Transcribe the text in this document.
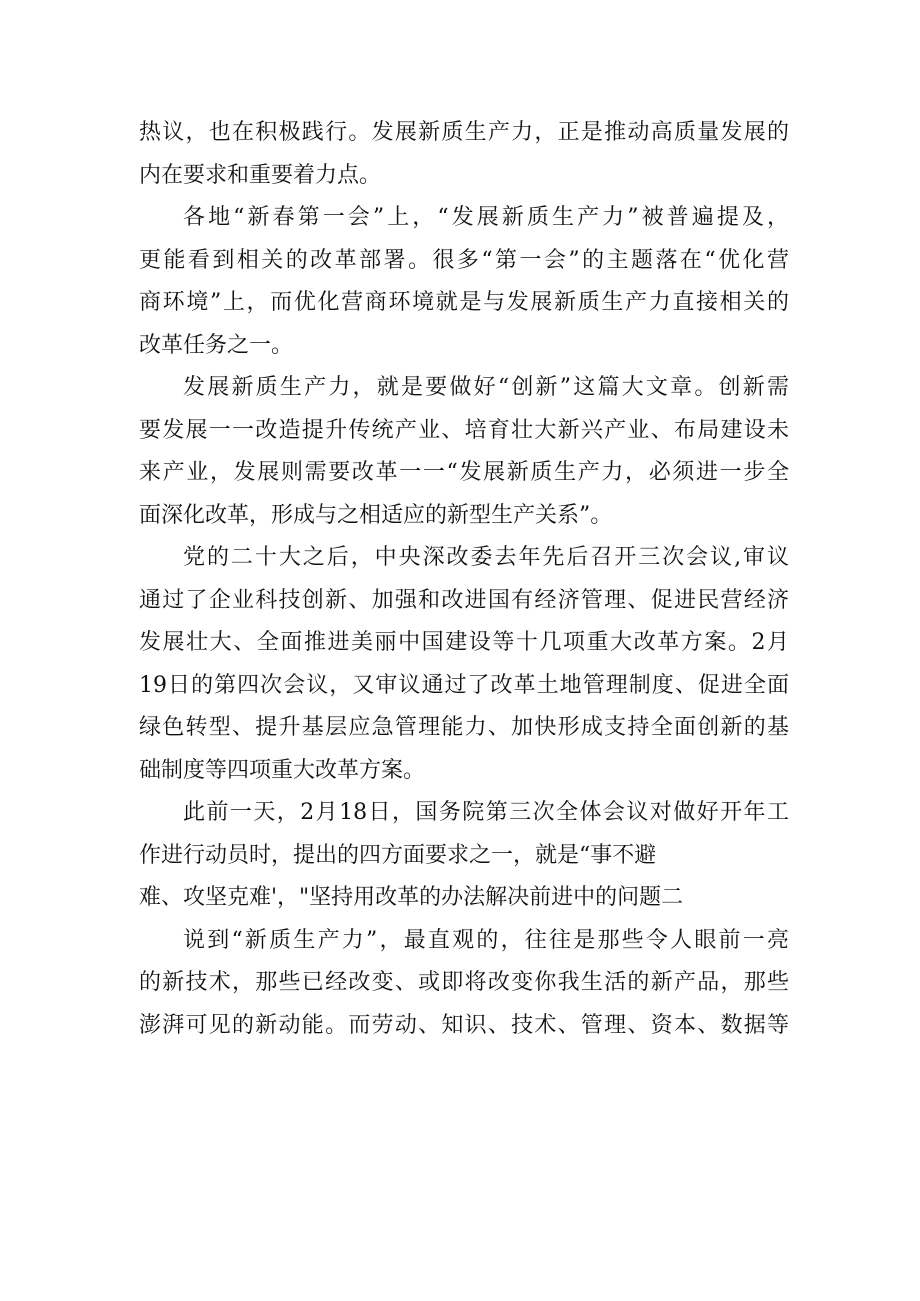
热议，也在积极践行。发展新质生产力，正是推动高质量发展的
内在要求和重要着力点。
各地“新春第一会”上，“发展新质生产力”被普遍提及，
更能看到相关的改革部署。很多“第一会”的主题落在“优化营
商环境”上，而优化营商环境就是与发展新质生产力直接相关的
改革任务之一。
发展新质生产力，就是要做好“创新”这篇大文章。创新需
要发展一一改造提升传统产业、培育壮大新兴产业、布局建设未
来产业，发展则需要改革一一“发展新质生产力，必须进一步全
面深化改革，形成与之相适应的新型生产关系”。
党的二十大之后，中央深改委去年先后召开三次会议,审议
通过了企业科技创新、加强和改进国有经济管理、促进民营经济
发展壮大、全面推进美丽中国建设等十几项重大改革方案。2月
19日的第四次会议，又审议通过了改革土地管理制度、促进全面
绿色转型、提升基层应急管理能力、加快形成支持全面创新的基
础制度等四项重大改革方案。
此前一天，2月18日，国务院第三次全体会议对做好开年工
作进行动员时，提出的四方面要求之一，就是“事不避
难、攻坚克难'，"坚持用改革的办法解决前进中的问题二
说到“新质生产力”，最直观的，往往是那些令人眼前一亮
的新技术，那些已经改变、或即将改变你我生活的新产品，那些
澎湃可见的新动能。而劳动、知识、技术、管理、资本、数据等
